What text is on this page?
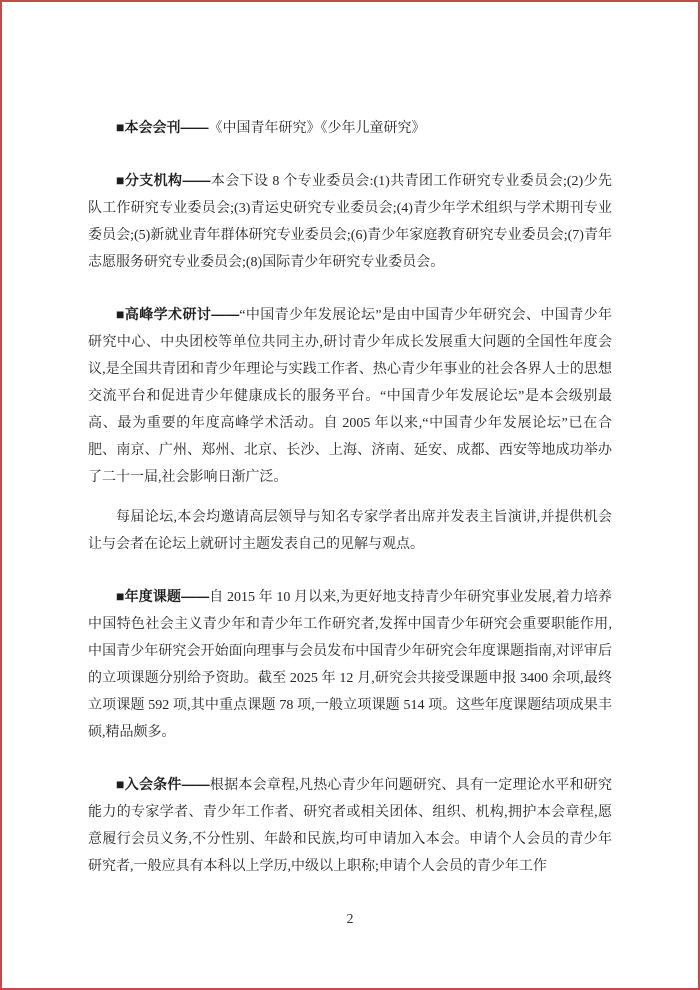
■本会会刊——《中国青年研究》《少年儿童研究》

■分支机构——本会下设 8 个专业委员会:(1)共青团工作研究专业委员会;(2)少先队工作研究专业委员会;(3)青运史研究专业委员会;(4)青少年学术组织与学术期刊专业委员会;(5)新就业青年群体研究专业委员会;(6)青少年家庭教育研究专业委员会;(7)青年志愿服务研究专业委员会;(8)国际青少年研究专业委员会。

■高峰学术研讨——“中国青少年发展论坛”是由中国青少年研究会、中国青少年研究中心、中央团校等单位共同主办,研讨青少年成长发展重大问题的全国性年度会议,是全国共青团和青少年理论与实践工作者、热心青少年事业的社会各界人士的思想交流平台和促进青少年健康成长的服务平台。“中国青少年发展论坛”是本会级别最高、最为重要的年度高峰学术活动。自 2005 年以来,“中国青少年发展论坛”已在合肥、南京、广州、郑州、北京、长沙、上海、济南、延安、成都、西安等地成功举办了二十一届,社会影响日渐广泛。

每届论坛,本会均邀请高层领导与知名专家学者出席并发表主旨演讲,并提供机会让与会者在论坛上就研讨主题发表自己的见解与观点。

■年度课题——自 2015 年 10 月以来,为更好地支持青少年研究事业发展,着力培养中国特色社会主义青少年和青少年工作研究者,发挥中国青少年研究会重要职能作用,中国青少年研究会开始面向理事与会员发布中国青少年研究会年度课题指南,对评审后的立项课题分别给予资助。截至 2025 年 12 月,研究会共接受课题申报 3400 余项,最终立项课题 592 项,其中重点课题 78 项,一般立项课题 514 项。这些年度课题结项成果丰硕,精品颇多。

■入会条件——根据本会章程,凡热心青少年问题研究、具有一定理论水平和研究能力的专家学者、青少年工作者、研究者或相关团体、组织、机构,拥护本会章程,愿意履行会员义务,不分性别、年龄和民族,均可申请加入本会。申请个人会员的青少年研究者,一般应具有本科以上学历,中级以上职称;申请个人会员的青少年工作

2
